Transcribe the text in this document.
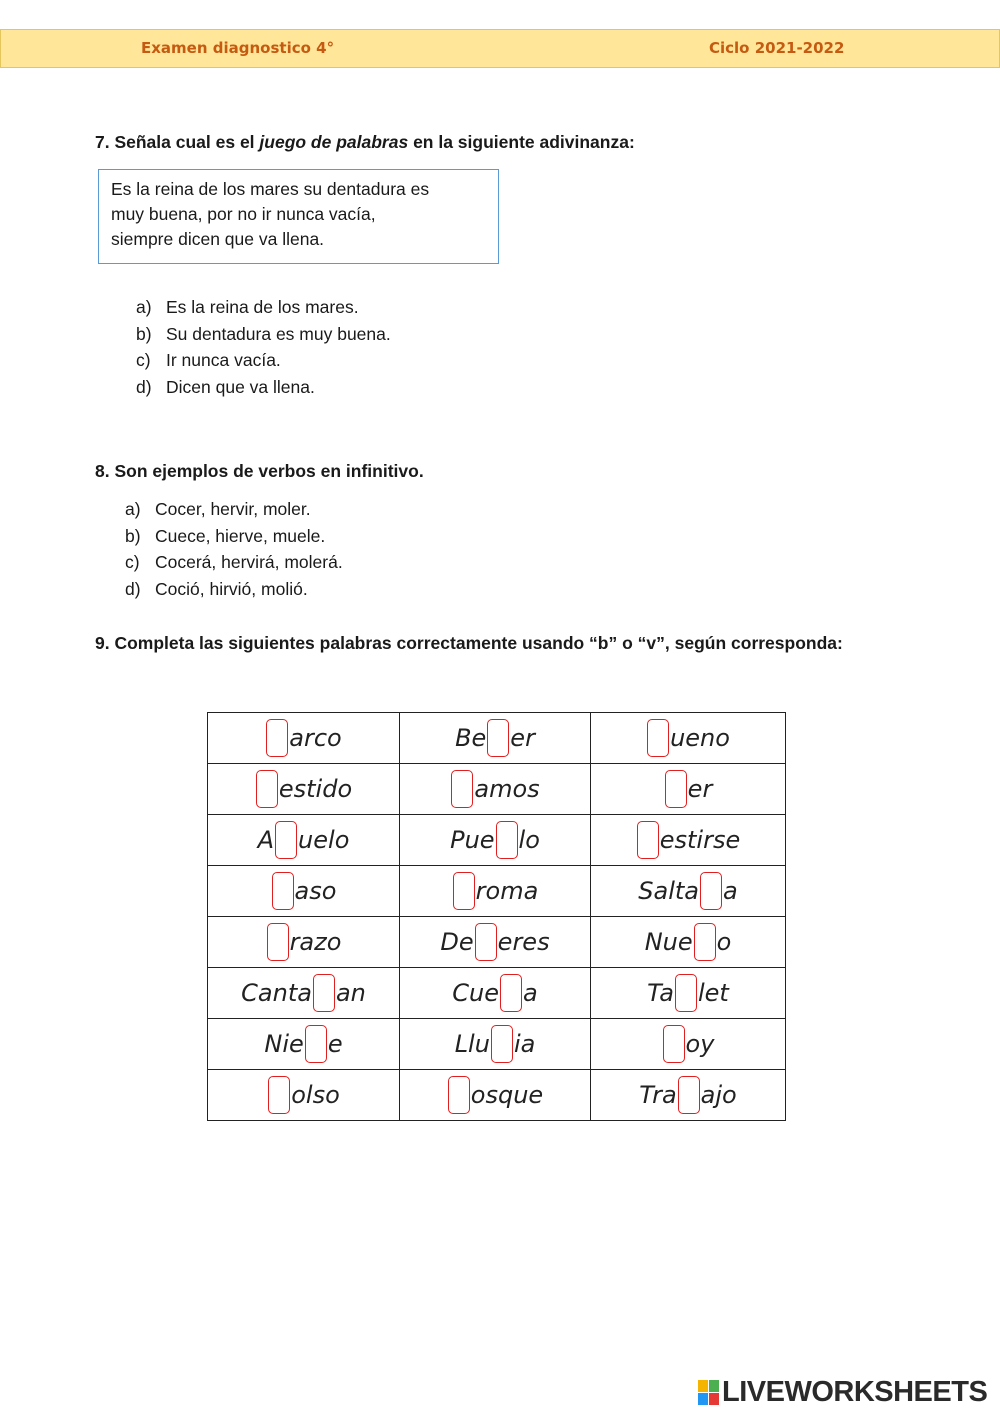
Examen diagnostico 4°	Ciclo 2021-2022
7. Señala cual es el juego de palabras en la siguiente adivinanza:
Es la reina de los mares su dentadura es
muy buena, por no ir nunca vacía,
siempre dicen que va llena.
a) Es la reina de los mares.
b) Su dentadura es muy buena.
c) Ir nunca vacía.
d) Dicen que va llena.
8. Son ejemplos de verbos en infinitivo.
a) Cocer, hervir, moler.
b) Cuece, hierve, muele.
c) Cocerá, hervirá, molerá.
d) Coció, hirvió, molió.
9. Completa las siguientes palabras correctamente usando “b” o “v”, según corresponda:
arco	Be er	ueno
estido	amos	er
A uelo	Pue lo	estirse
aso	roma	Salta a
razo	De eres	Nue o
Canta an	Cue a	Ta let
Nie e	Llu ia	oy
olso	osque	Tra ajo
LIVEWORKSHEETS
